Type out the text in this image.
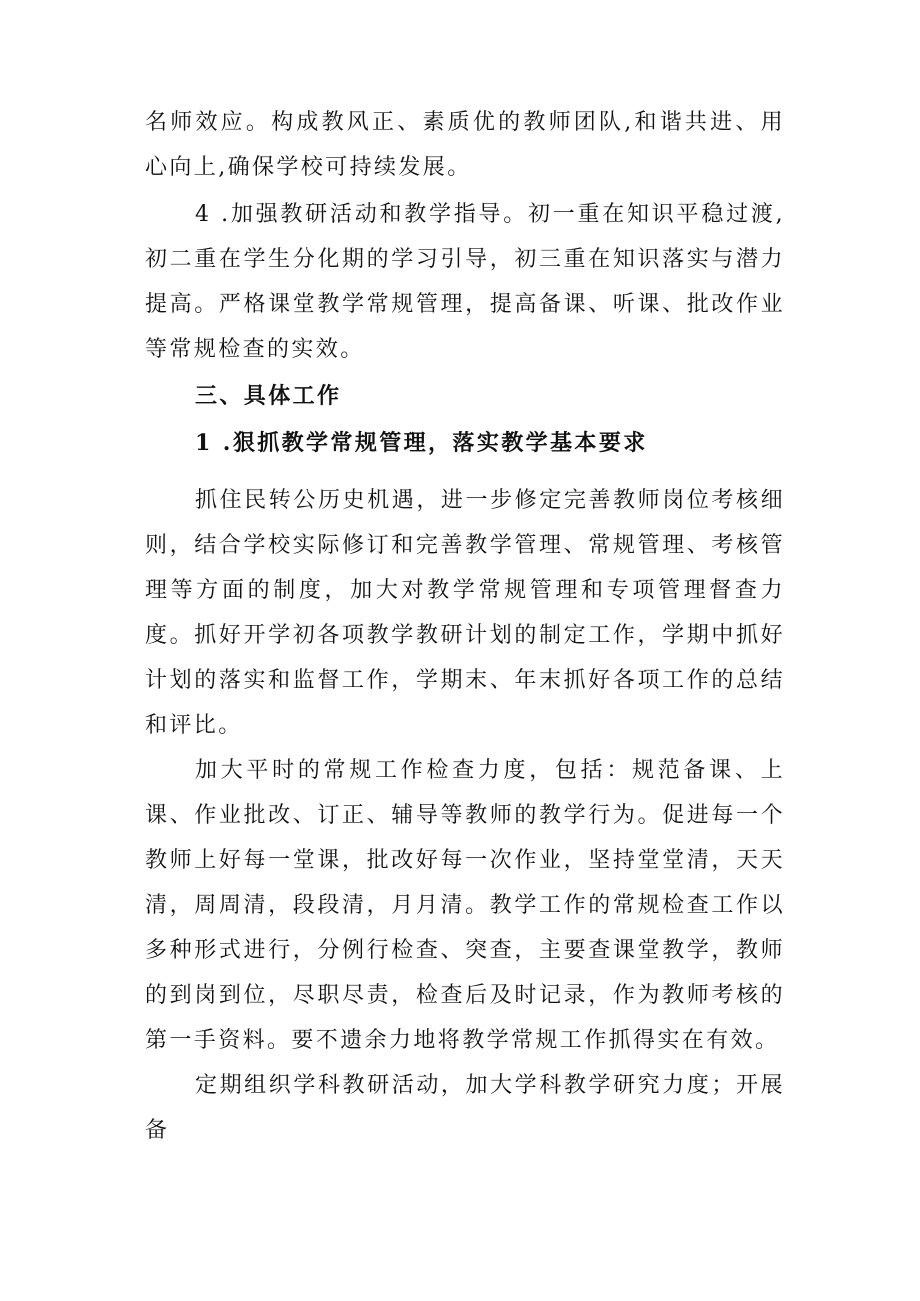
名师效应。构成教风正、素质优的教师团队,和谐共进、用心向上,确保学校可持续发展。

4 .加强教研活动和教学指导。初一重在知识平稳过渡,初二重在学生分化期的学习引导，初三重在知识落实与潜力提高。严格课堂教学常规管理，提高备课、听课、批改作业等常规检查的实效。

三、具体工作

1 .狠抓教学常规管理，落实教学基本要求

抓住民转公历史机遇，进一步修定完善教师岗位考核细则，结合学校实际修订和完善教学管理、常规管理、考核管理等方面的制度，加大对教学常规管理和专项管理督查力度。抓好开学初各项教学教研计划的制定工作，学期中抓好计划的落实和监督工作，学期末、年末抓好各项工作的总结和评比。

加大平时的常规工作检查力度，包括：规范备课、上课、作业批改、订正、辅导等教师的教学行为。促进每一个教师上好每一堂课，批改好每一次作业，坚持堂堂清，天天清，周周清，段段清，月月清。教学工作的常规检查工作以多种形式进行，分例行检查、突查，主要查课堂教学，教师的到岗到位，尽职尽责，检查后及时记录，作为教师考核的第一手资料。要不遗余力地将教学常规工作抓得实在有效。

定期组织学科教研活动，加大学科教学研究力度；开展备
